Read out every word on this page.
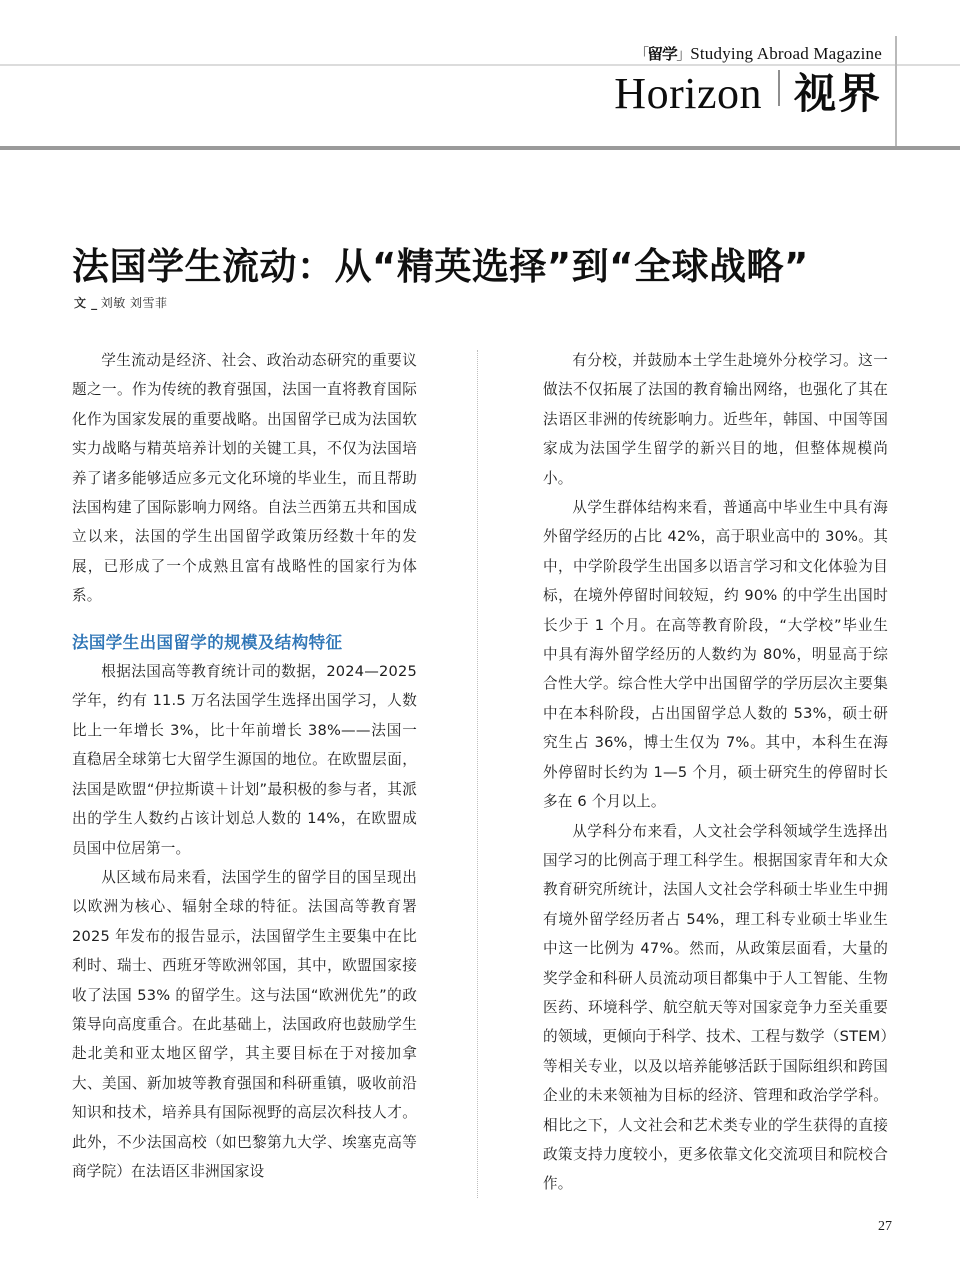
「留学」Studying Abroad Magazine
Horizon 视界
法国学生流动：从“精英选择”到“全球战略”
文 _ 刘敏 刘雪菲

学生流动是经济、社会、政治动态研究的重要议题之一。作为传统的教育强国，法国一直将教育国际化作为国家发展的重要战略。出国留学已成为法国软实力战略与精英培养计划的关键工具，不仅为法国培养了诸多能够适应多元文化环境的毕业生，而且帮助法国构建了国际影响力网络。自法兰西第五共和国成立以来，法国的学生出国留学政策历经数十年的发展，已形成了一个成熟且富有战略性的国家行为体系。

法国学生出国留学的规模及结构特征

根据法国高等教育统计司的数据，2024—2025 学年，约有 11.5 万名法国学生选择出国学习，人数比上一年增长 3%，比十年前增长 38%——法国一直稳居全球第七大留学生源国的地位。在欧盟层面，法国是欧盟“伊拉斯谟＋计划”最积极的参与者，其派出的学生人数约占该计划总人数的 14%，在欧盟成员国中位居第一。

从区域布局来看，法国学生的留学目的国呈现出以欧洲为核心、辐射全球的特征。法国高等教育署 2025 年发布的报告显示，法国留学生主要集中在比利时、瑞士、西班牙等欧洲邻国，其中，欧盟国家接收了法国 53% 的留学生。这与法国“欧洲优先”的政策导向高度重合。在此基础上，法国政府也鼓励学生赴北美和亚太地区留学，其主要目标在于对接加拿大、美国、新加坡等教育强国和科研重镇，吸收前沿知识和技术，培养具有国际视野的高层次科技人才。此外，不少法国高校（如巴黎第九大学、埃塞克高等商学院）在法语区非洲国家设

有分校，并鼓励本土学生赴境外分校学习。这一做法不仅拓展了法国的教育输出网络，也强化了其在法语区非洲的传统影响力。近些年，韩国、中国等国家成为法国学生留学的新兴目的地，但整体规模尚小。

从学生群体结构来看，普通高中毕业生中具有海外留学经历的占比 42%，高于职业高中的 30%。其中，中学阶段学生出国多以语言学习和文化体验为目标，在境外停留时间较短，约 90% 的中学生出国时长少于 1 个月。在高等教育阶段，“大学校”毕业生中具有海外留学经历的人数约为 80%，明显高于综合性大学。综合性大学中出国留学的学历层次主要集中在本科阶段，占出国留学总人数的 53%，硕士研究生占 36%，博士生仅为 7%。其中，本科生在海外停留时长约为 1—5 个月，硕士研究生的停留时长多在 6 个月以上。

从学科分布来看，人文社会学科领域学生选择出国学习的比例高于理工科学生。根据国家青年和大众教育研究所统计，法国人文社会学科硕士毕业生中拥有境外留学经历者占 54%，理工科专业硕士毕业生中这一比例为 47%。然而，从政策层面看，大量的奖学金和科研人员流动项目都集中于人工智能、生物医药、环境科学、航空航天等对国家竞争力至关重要的领域，更倾向于科学、技术、工程与数学（STEM）等相关专业，以及以培养能够活跃于国际组织和跨国企业的未来领袖为目标的经济、管理和政治学学科。相比之下，人文社会和艺术类专业的学生获得的直接政策支持力度较小，更多依靠文化交流项目和院校合作。

27
